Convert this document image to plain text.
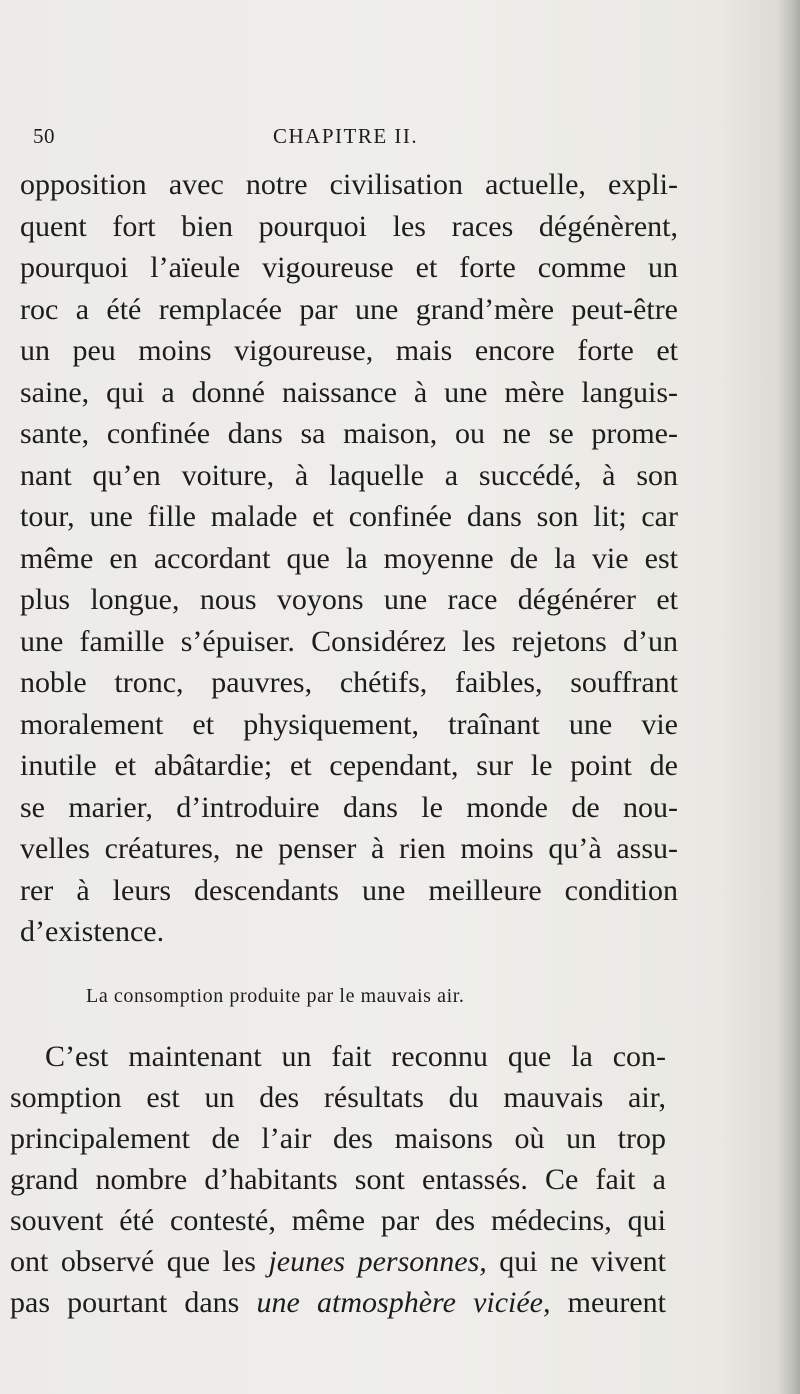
50	CHAPITRE II.
opposition avec notre civilisation actuelle, expli-
quent fort bien pourquoi les races dégénèrent,
pourquoi l’aïeule vigoureuse et forte comme un
roc a été remplacée par une grand’mère peut-être
un peu moins vigoureuse, mais encore forte et
saine, qui a donné naissance à une mère languis-
sante, confinée dans sa maison, ou ne se prome-
nant qu’en voiture, à laquelle a succédé, à son
tour, une fille malade et confinée dans son lit; car
même en accordant que la moyenne de la vie est
plus longue, nous voyons une race dégénérer et
une famille s’épuiser. Considérez les rejetons d’un
noble tronc, pauvres, chétifs, faibles, souffrant
moralement et physiquement, traînant une vie
inutile et abâtardie; et cependant, sur le point de
se marier, d’introduire dans le monde de nou-
velles créatures, ne penser à rien moins qu’à assu-
rer à leurs descendants une meilleure condition
d’existence.
La consomption produite par le mauvais air.
C’est maintenant un fait reconnu que la con-
somption est un des résultats du mauvais air,
principalement de l’air des maisons où un trop
grand nombre d’habitants sont entassés. Ce fait a
souvent été contesté, même par des médecins, qui
ont observé que les jeunes personnes, qui ne vivent
pas pourtant dans une atmosphère viciée, meurent
